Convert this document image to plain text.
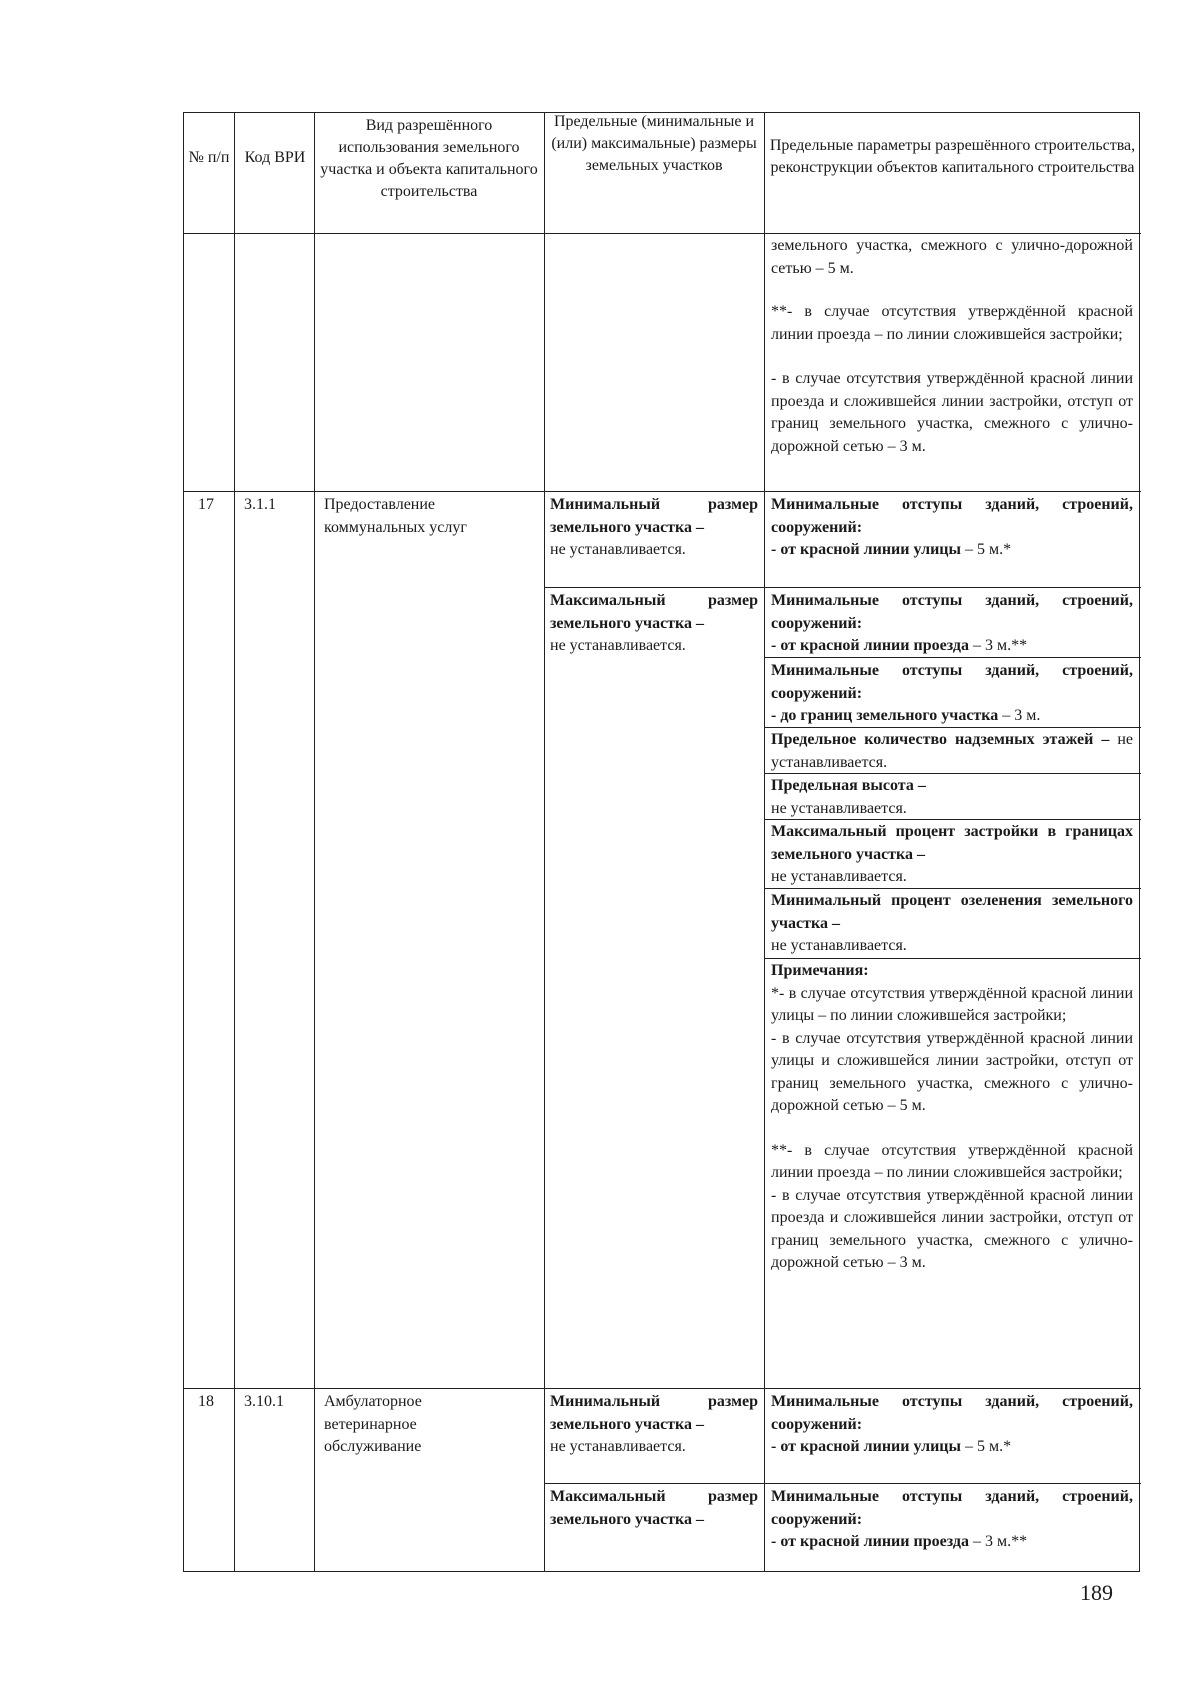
№ п/п Код ВРИ
Вид разрешённого использования земельного участка и объекта капитального строительства
Предельные (минимальные и (или) максимальные) размеры земельных участков
Предельные параметры разрешённого строительства, реконструкции объектов капитального строительства
земельного участка, смежного с улично-дорожной сетью – 5 м.
**- в случае отсутствия утверждённой красной линии проезда – по линии сложившейся застройки;
- в случае отсутствия утверждённой красной линии проезда и сложившейся линии застройки, отступ от границ земельного участка, смежного с улично-дорожной сетью – 3 м.
17 3.1.1	Предоставление коммунальных услуг
Минимальный размер земельного участка –
не устанавливается.
Максимальный размер земельного участка –
не устанавливается.
Минимальные отступы зданий, строений, сооружений:
- от красной линии улицы – 5 м.*
Минимальные отступы зданий, строений, сооружений:
- от красной линии проезда – 3 м.**
Минимальные отступы зданий, строений, сооружений:
- до границ земельного участка – 3 м.
Предельное количество надземных этажей – не устанавливается.
Предельная высота –
не устанавливается.
Максимальный процент застройки в границах земельного участка –
не устанавливается.
Минимальный процент озеленения земельного участка –
не устанавливается.
Примечания:
*- в случае отсутствия утверждённой красной линии улицы – по линии сложившейся застройки;
- в случае отсутствия утверждённой красной линии улицы и сложившейся линии застройки, отступ от границ земельного участка, смежного с улично-дорожной сетью – 5 м.
**- в случае отсутствия утверждённой красной линии проезда – по линии сложившейся застройки;
- в случае отсутствия утверждённой красной линии проезда и сложившейся линии застройки, отступ от границ земельного участка, смежного с улично-дорожной сетью – 3 м.
18 3.10.1	Амбулаторное ветеринарное обслуживание
Минимальный размер земельного участка –
не устанавливается.
Максимальный размер земельного участка –
Минимальные отступы зданий, строений, сооружений:
- от красной линии улицы – 5 м.*
Минимальные отступы зданий, строений, сооружений:
- от красной линии проезда – 3 м.**
189
